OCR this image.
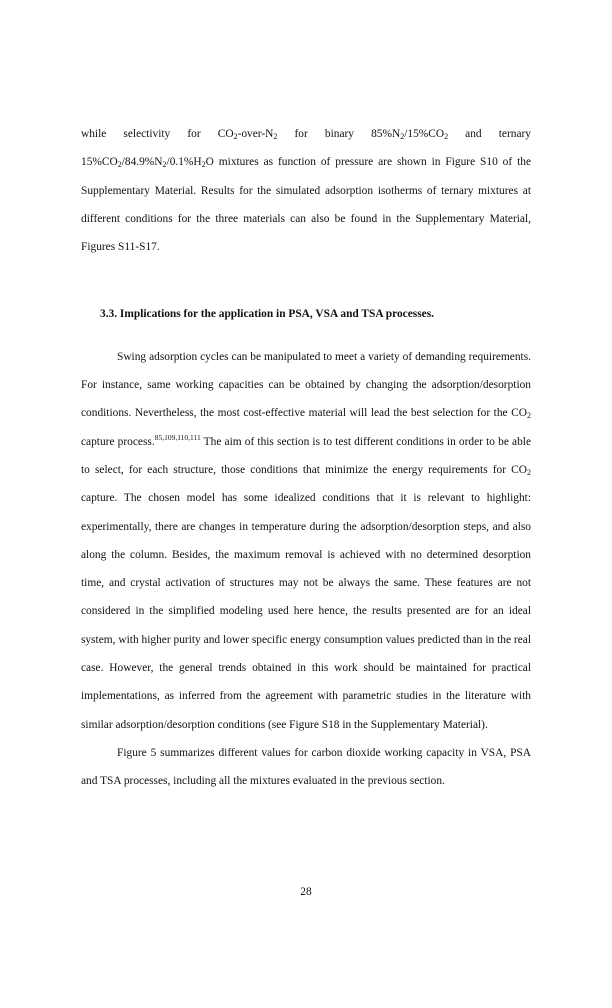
while selectivity for $CO_2-over-N_2$ for binary $85\%N_2/15\%CO_2$ and ternary $15\%CO_2/84.9\%N_2/0.1\%H_2O$ mixtures as function of pressure are shown in Figure S10 of the Supplementary Material. Results for the simulated adsorption isotherms of ternary mixtures at different conditions for the three materials can also be found in the Supplementary Material, Figures S11-S17.

3.3. Implications for the application in PSA, VSA and TSA processes.

Swing adsorption cycles can be manipulated to meet a variety of demanding requirements. For instance, same working capacities can be obtained by changing the adsorption/desorption conditions. Nevertheless, the most cost-effective material will lead the best selection for the $CO_2$ capture process.$^{85,109,110,111}$ The aim of this section is to test different conditions in order to be able to select, for each structure, those conditions that minimize the energy requirements for $CO_2$ capture. The chosen model has some idealized conditions that it is relevant to highlight: experimentally, there are changes in temperature during the adsorption/desorption steps, and also along the column. Besides, the maximum removal is achieved with no determined desorption time, and crystal activation of structures may not be always the same. These features are not considered in the simplified modeling used here hence, the results presented are for an ideal system, with higher purity and lower specific energy consumption values predicted than in the real case. However, the general trends obtained in this work should be maintained for practical implementations, as inferred from the agreement with parametric studies in the literature with similar adsorption/desorption conditions (see Figure S18 in the Supplementary Material).

Figure 5 summarizes different values for carbon dioxide working capacity in VSA, PSA and TSA processes, including all the mixtures evaluated in the previous section.

28
